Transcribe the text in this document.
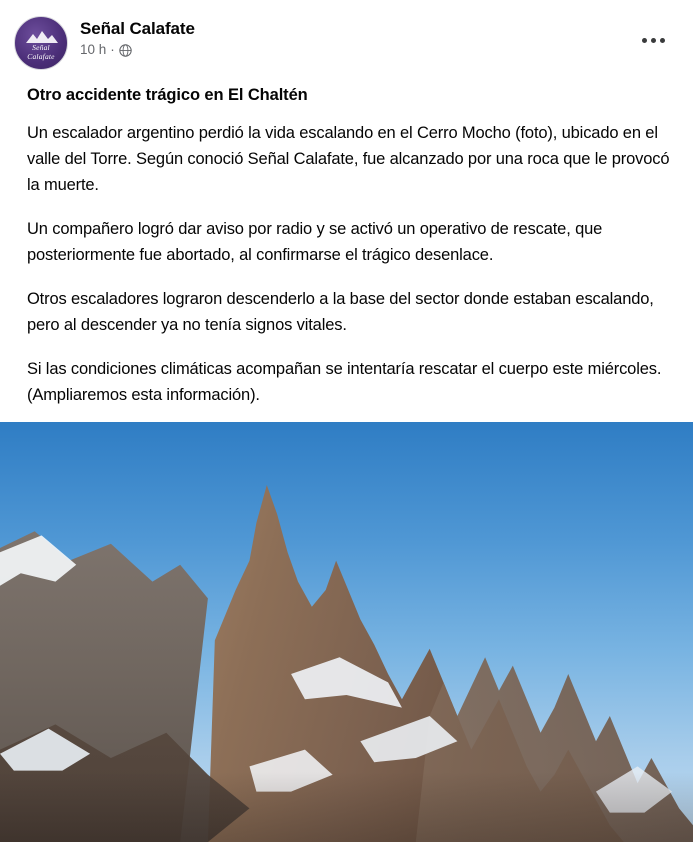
Señal
Calafate
Señal Calafate
10 h ·
Otro accidente trágico en El Chaltén

Un escalador argentino perdió la vida escalando en el Cerro Mocho (foto), ubicado en el valle del Torre. Según conoció Señal Calafate, fue alcanzado por una roca que le provocó la muerte.

Un compañero logró dar aviso por radio y se activó un operativo de rescate, que posteriormente fue abortado, al confirmarse el trágico desenlace.

Otros escaladores lograron descenderlo a la base del sector donde estaban escalando, pero al descender ya no tenía signos vitales.

Si las condiciones climáticas acompañan se intentaría rescatar el cuerpo este miércoles. (Ampliaremos esta información).
